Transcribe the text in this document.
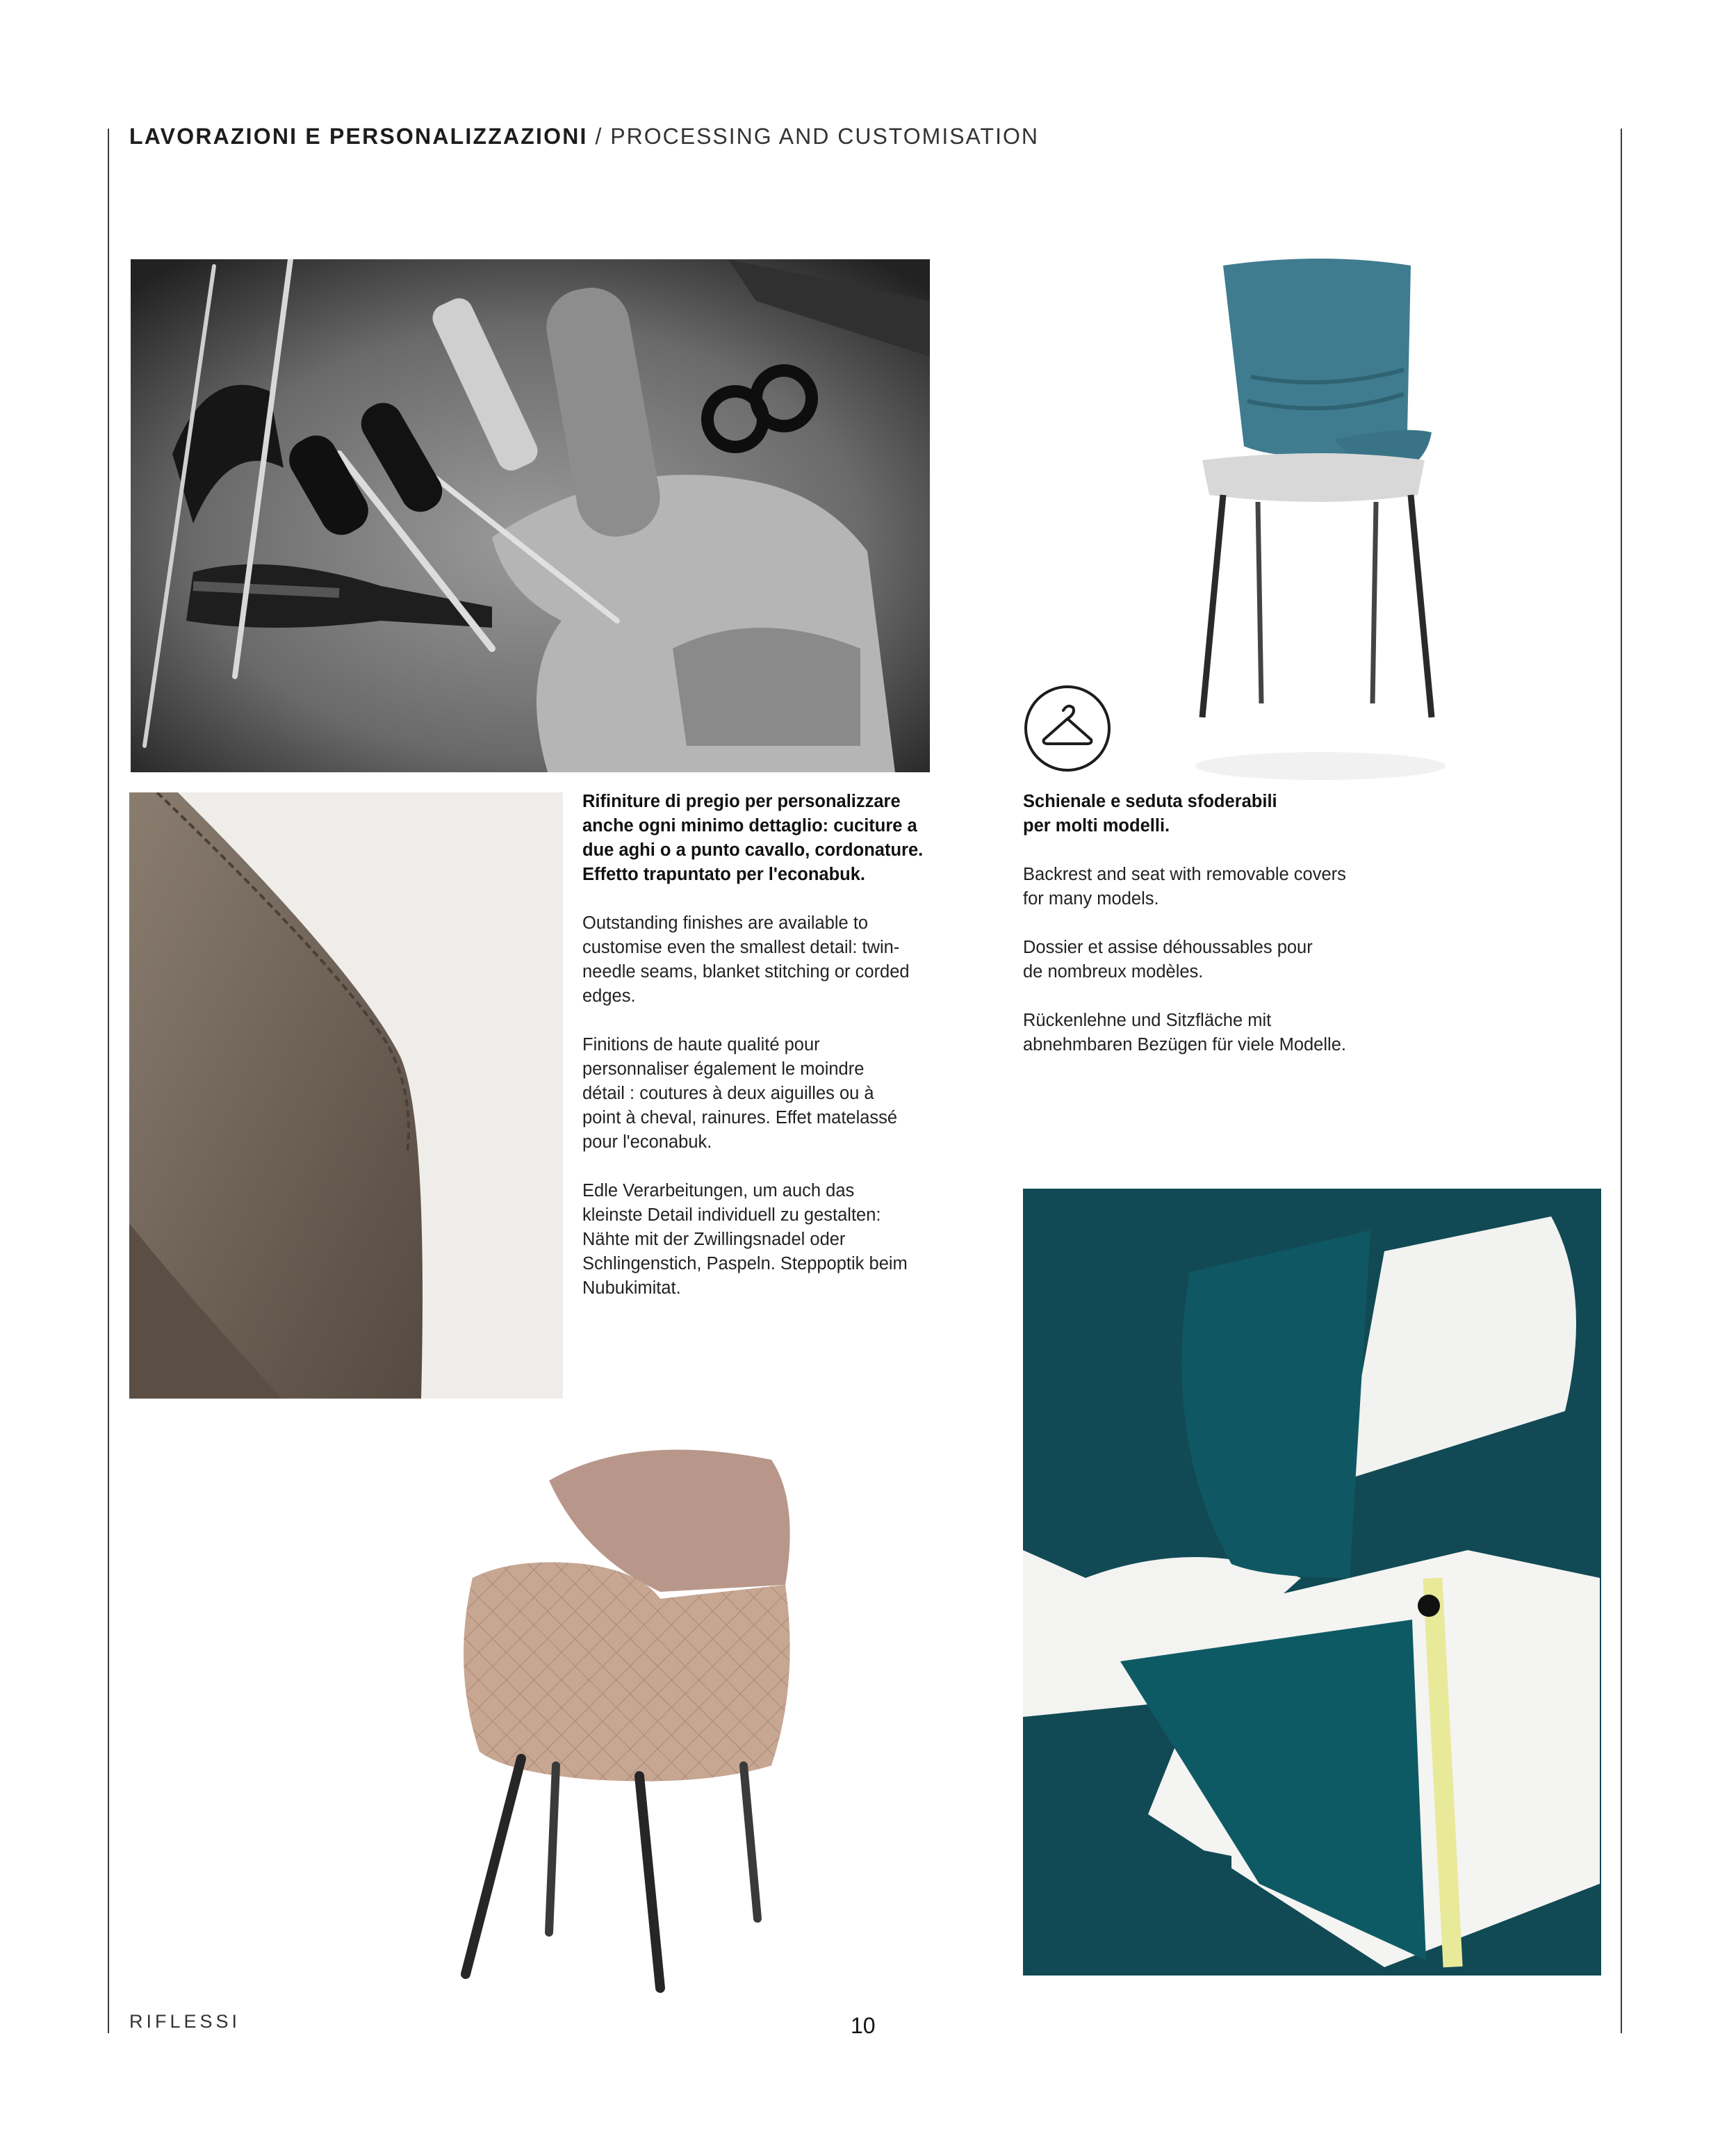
LAVORAZIONI E PERSONALIZZAZIONI / PROCESSING AND CUSTOMISATION

Rifiniture di pregio per personalizzare
anche ogni minimo dettaglio: cuciture a
due aghi o a punto cavallo, cordonature.
Effetto trapuntato per l'econabuk.

Outstanding finishes are available to
customise even the smallest detail: twin-
needle seams, blanket stitching or corded
edges.

Finitions de haute qualité pour
personnaliser également le moindre
détail : coutures à deux aiguilles ou à
point à cheval, rainures. Effet matelassé
pour l'econabuk.

Edle Verarbeitungen, um auch das
kleinste Detail individuell zu gestalten:
Nähte mit der Zwillingsnadel oder
Schlingenstich, Paspeln. Steppoptik beim
Nubukimitat.

Schienale e seduta sfoderabili
per molti modelli.

Backrest and seat with removable covers
for many models.

Dossier et assise déhoussables pour
de nombreux modèles.

Rückenlehne und Sitzfläche mit
abnehmbaren Bezügen für viele Modelle.

RIFLESSI	10
